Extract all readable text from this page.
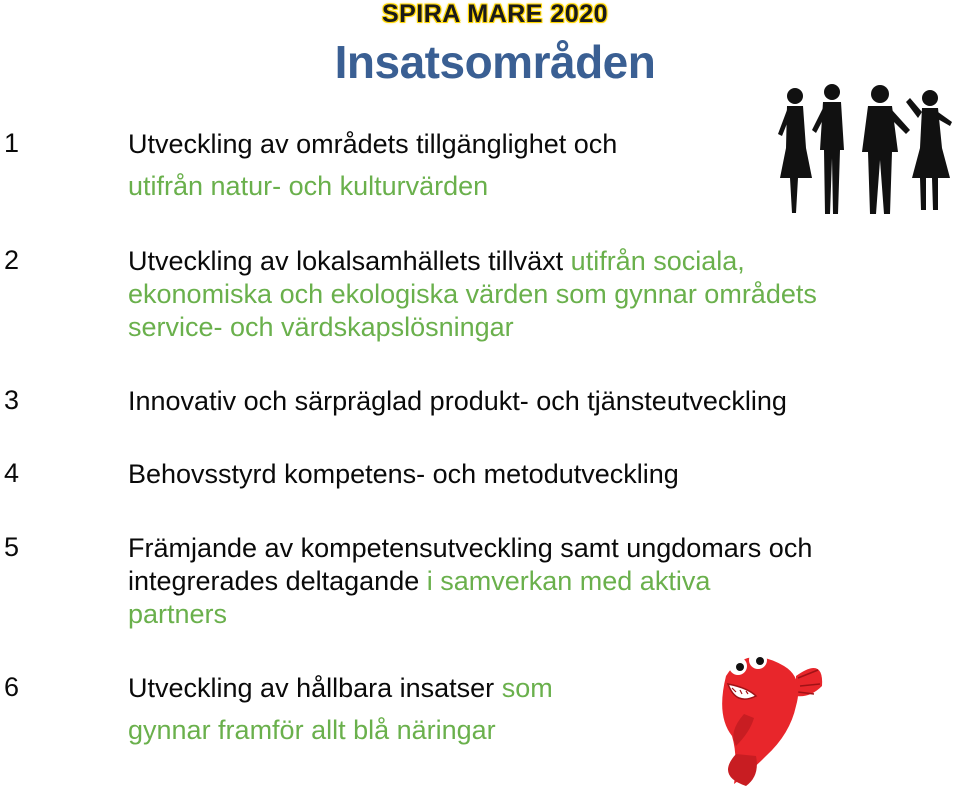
SPIRA MARE 2020
Insatsområden
1	Utveckling av områdets tillgänglighet och
utifrån natur- och kulturvärden
2	Utveckling av lokalsamhällets tillväxt utifrån sociala,
ekonomiska och ekologiska värden som gynnar områdets
service- och värdskapslösningar
3	Innovativ och särpräglad produkt- och tjänsteutveckling
4	Behovsstyrd kompetens- och metodutveckling
5	Främjande av kompetensutveckling samt ungdomars och
integrerades deltagande i samverkan med aktiva
partners
6	Utveckling av hållbara insatser som
gynnar framför allt blå näringar
